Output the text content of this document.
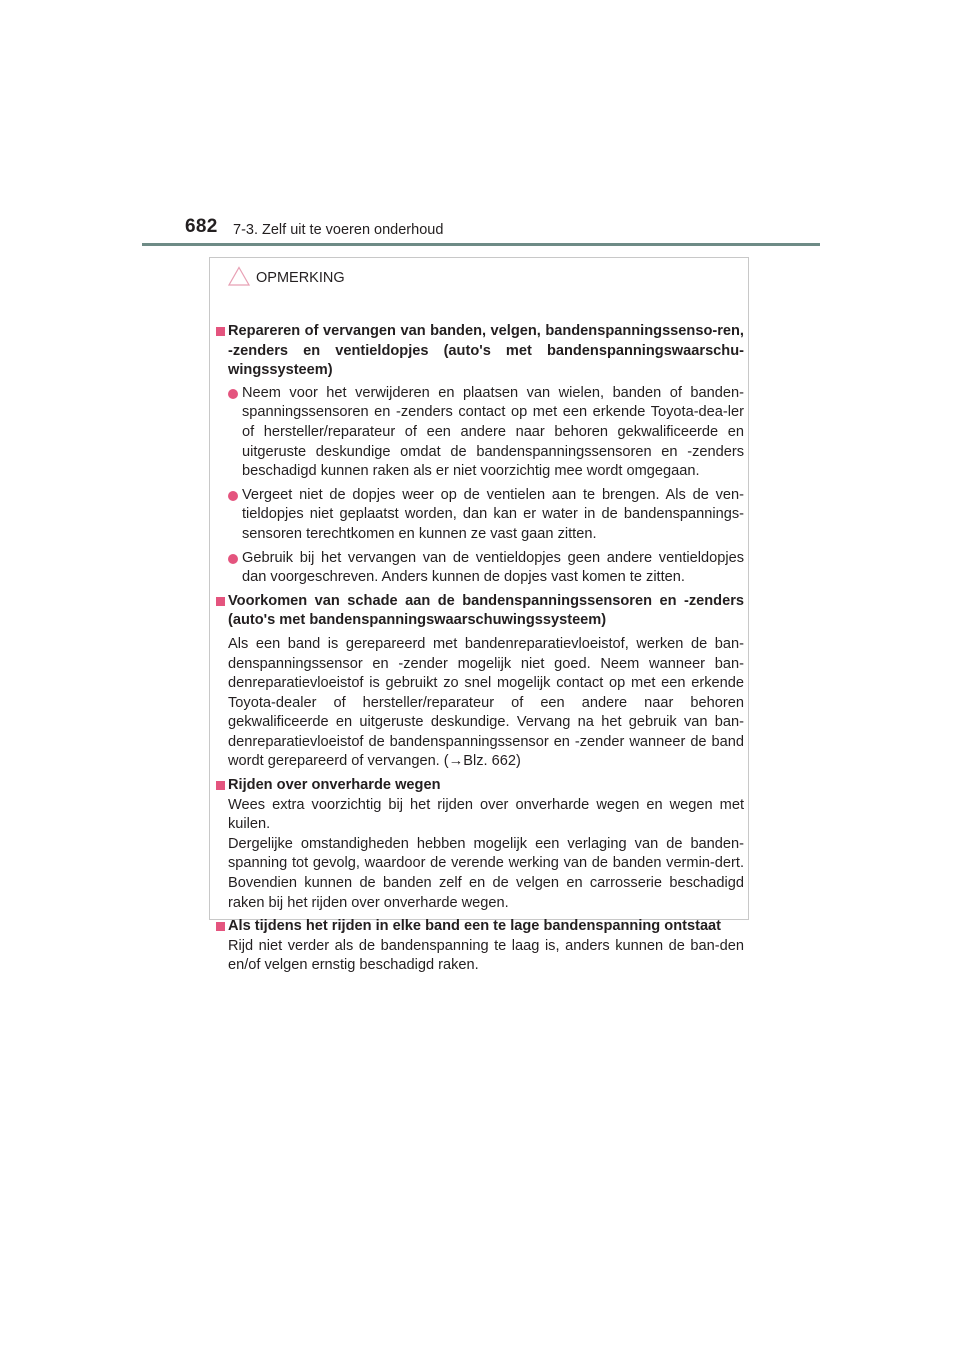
682 7-3. Zelf uit te voeren onderhoud
OPMERKING

Repareren of vervangen van banden, velgen, bandenspanningssenso-ren, -zenders en ventieldopjes (auto's met bandenspanningswaarschu-wingssysteem)

Neem voor het verwijderen en plaatsen van wielen, banden of banden-spanningssensoren en -zenders contact op met een erkende Toyota-dea-ler of hersteller/reparateur of een andere naar behoren gekwalificeerde en uitgeruste deskundige omdat de bandenspanningssensoren en -zenders beschadigd kunnen raken als er niet voorzichtig mee wordt omgegaan.

Vergeet niet de dopjes weer op de ventielen aan te brengen. Als de ven-tieldopjes niet geplaatst worden, dan kan er water in de bandenspannings-sensoren terechtkomen en kunnen ze vast gaan zitten.

Gebruik bij het vervangen van de ventieldopjes geen andere ventieldopjes dan voorgeschreven. Anders kunnen de dopjes vast komen te zitten.

Voorkomen van schade aan de bandenspanningssensoren en -zenders (auto's met bandenspanningswaarschuwingssysteem)

Als een band is gerepareerd met bandenreparatievloeistof, werken de ban-denspanningssensor en -zender mogelijk niet goed. Neem wanneer ban-denreparatievloeistof is gebruikt zo snel mogelijk contact op met een erkende Toyota-dealer of hersteller/reparateur of een andere naar behoren gekwalificeerde en uitgeruste deskundige. Vervang na het gebruik van ban-denreparatievloeistof de bandenspanningssensor en -zender wanneer de band wordt gerepareerd of vervangen. (→Blz. 662)

Rijden over onverharde wegen

Wees extra voorzichtig bij het rijden over onverharde wegen en wegen met kuilen.

Dergelijke omstandigheden hebben mogelijk een verlaging van de banden-spanning tot gevolg, waardoor de verende werking van de banden vermin-dert. Bovendien kunnen de banden zelf en de velgen en carrosserie beschadigd raken bij het rijden over onverharde wegen.

Als tijdens het rijden in elke band een te lage bandenspanning ontstaat

Rijd niet verder als de bandenspanning te laag is, anders kunnen de ban-den en/of velgen ernstig beschadigd raken.
